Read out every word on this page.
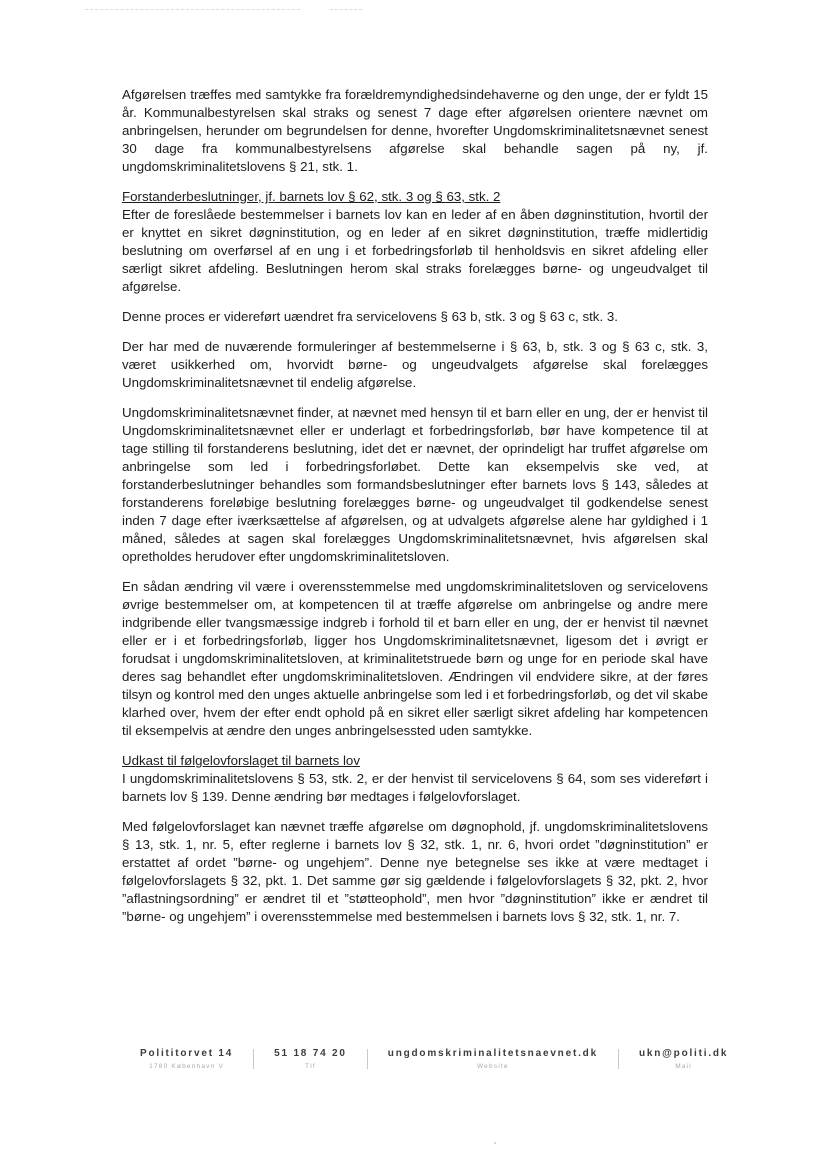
Afgørelsen træffes med samtykke fra forældremyndighedsindehaverne og den unge, der er fyldt 15 år. Kommunalbestyrelsen skal straks og senest 7 dage efter afgørelsen orientere nævnet om anbringelsen, herunder om begrundelsen for denne, hvorefter Ungdomskriminalitetsnævnet senest 30 dage fra kommunalbestyrelsens afgørelse skal behandle sagen på ny, jf. ungdomskriminalitetslovens § 21, stk. 1.

Forstanderbeslutninger, jf. barnets lov § 62, stk. 3 og § 63, stk. 2

Efter de foreslåede bestemmelser i barnets lov kan en leder af en åben døgninstitution, hvortil der er knyttet en sikret døgninstitution, og en leder af en sikret døgninstitution, træffe midlertidig beslutning om overførsel af en ung i et forbedringsforløb til henholdsvis en sikret afdeling eller særligt sikret afdeling. Beslutningen herom skal straks forelægges børne- og ungeudvalget til afgørelse.

Denne proces er videreført uændret fra servicelovens § 63 b, stk. 3 og § 63 c, stk. 3.

Der har med de nuværende formuleringer af bestemmelserne i § 63, b, stk. 3 og § 63 c, stk. 3, været usikkerhed om, hvorvidt børne- og ungeudvalgets afgørelse skal forelægges Ungdomskriminalitetsnævnet til endelig afgørelse.

Ungdomskriminalitetsnævnet finder, at nævnet med hensyn til et barn eller en ung, der er henvist til Ungdomskriminalitetsnævnet eller er underlagt et forbedringsforløb, bør have kompetence til at tage stilling til forstanderens beslutning, idet det er nævnet, der oprindeligt har truffet afgørelse om anbringelse som led i forbedringsforløbet. Dette kan eksempelvis ske ved, at forstanderbeslutninger behandles som formandsbeslutninger efter barnets lovs § 143, således at forstanderens foreløbige beslutning forelægges børne- og ungeudvalget til godkendelse senest inden 7 dage efter iværksættelse af afgørelsen, og at udvalgets afgørelse alene har gyldighed i 1 måned, således at sagen skal forelægges Ungdomskriminalitetsnævnet, hvis afgørelsen skal opretholdes herudover efter ungdomskriminalitetsloven.

En sådan ændring vil være i overensstemmelse med ungdomskriminalitetsloven og servicelovens øvrige bestemmelser om, at kompetencen til at træffe afgørelse om anbringelse og andre mere indgribende eller tvangsmæssige indgreb i forhold til et barn eller en ung, der er henvist til nævnet eller er i et forbedringsforløb, ligger hos Ungdomskriminalitetsnævnet, ligesom det i øvrigt er forudsat i ungdomskriminalitetsloven, at kriminalitetstruede børn og unge for en periode skal have deres sag behandlet efter ungdomskriminalitetsloven. Ændringen vil endvidere sikre, at der føres tilsyn og kontrol med den unges aktuelle anbringelse som led i et forbedringsforløb, og det vil skabe klarhed over, hvem der efter endt ophold på en sikret eller særligt sikret afdeling har kompetencen til eksempelvis at ændre den unges anbringelsessted uden samtykke.

Udkast til følgelovforslaget til barnets lov

I ungdomskriminalitetslovens § 53, stk. 2, er der henvist til servicelovens § 64, som ses videreført i barnets lov § 139. Denne ændring bør medtages i følgelovforslaget.

Med følgelovforslaget kan nævnet træffe afgørelse om døgnophold, jf. ungdomskriminalitetslovens § 13, stk. 1, nr. 5, efter reglerne i barnets lov § 32, stk. 1, nr. 6, hvori ordet ”døgninstitution” er erstattet af ordet ”børne- og ungehjem”. Denne nye betegnelse ses ikke at være medtaget i følgelovforslagets § 32, pkt. 1. Det samme gør sig gældende i følgelovforslagets § 32, pkt. 2, hvor ”aflastningsordning” er ændret til et ”støtteophold”, men hvor ”døgninstitution” ikke er ændret til ”børne- og ungehjem” i overensstemmelse med bestemmelsen i barnets lovs § 32, stk. 1, nr. 7.

Polititorvet 14
1780 København V
51 18 74 20
Tlf
ungdomskriminalitetsnaevnet.dk
Website
ukn@politi.dk
Mail
